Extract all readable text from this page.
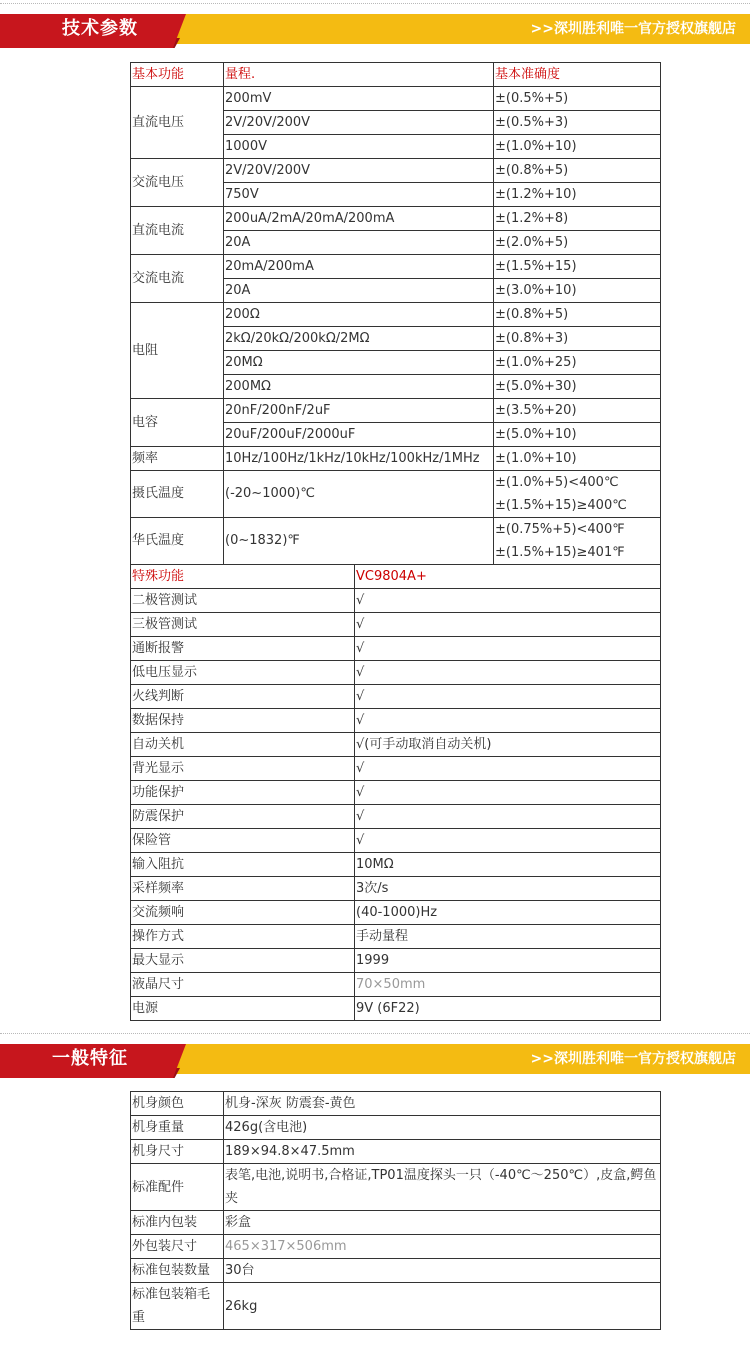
技术参数	>>深圳胜利唯一官方授权旗舰店
基本功能	量程.		基本准确度
直流电压	200mV		±(0.5%+5)
	2V/20V/200V		±(0.5%+3)
	1000V		±(1.0%+10)
交流电压	2V/20V/200V		±(0.8%+5)
	750V		±(1.2%+10)
直流电流	200uA/2mA/20mA/200mA		±(1.2%+8)
	20A		±(2.0%+5)
交流电流	20mA/200mA		±(1.5%+15)
	20A		±(3.0%+10)
电阻	200Ω		±(0.8%+5)
	2kΩ/20kΩ/200kΩ/2MΩ		±(0.8%+3)
	20MΩ		±(1.0%+25)
	200MΩ		±(5.0%+30)
电容	20nF/200nF/2uF		±(3.5%+20)
	20uF/200uF/2000uF		±(5.0%+10)
频率	10Hz/100Hz/1kHz/10kHz/100kHz/1MHz		±(1.0%+10)
摄氏温度	(-20~1000)℃		±(1.0%+5)<400℃
±(1.5%+15)≥400℃

华氏温度	(0~1832)℉		±(0.75%+5)<400℉
±(1.5%+15)≥401℉

特殊功能		VC9804A+	
二极管测试		√	
三极管测试		√	
通断报警		√	
低电压显示		√	
火线判断		√	
数据保持		√	
自动关机		√(可手动取消自动关机)	
背光显示		√	
功能保护		√	
防震保护		√	
保险管		√	
输入阻抗		10MΩ	
采样频率		3次/s	
交流频响		(40-1000)Hz	
操作方式		手动量程	
最大显示		1999	
液晶尺寸		70×50mm	
电源		9V (6F22)	
一般特征	>>深圳胜利唯一官方授权旗舰店
机身颜色	机身-深灰 防震套-黄色
机身重量	426g(含电池)
机身尺寸	189×94.8×47.5mm
标准配件	表笔,电池,说明书,合格证,TP01温度探头一只（-40℃～250℃）,皮盒,鳄鱼夹
标准内包装	彩盒
外包装尺寸	465×317×506mm
标准包装数量	30台
标准包装箱毛重	26kg
